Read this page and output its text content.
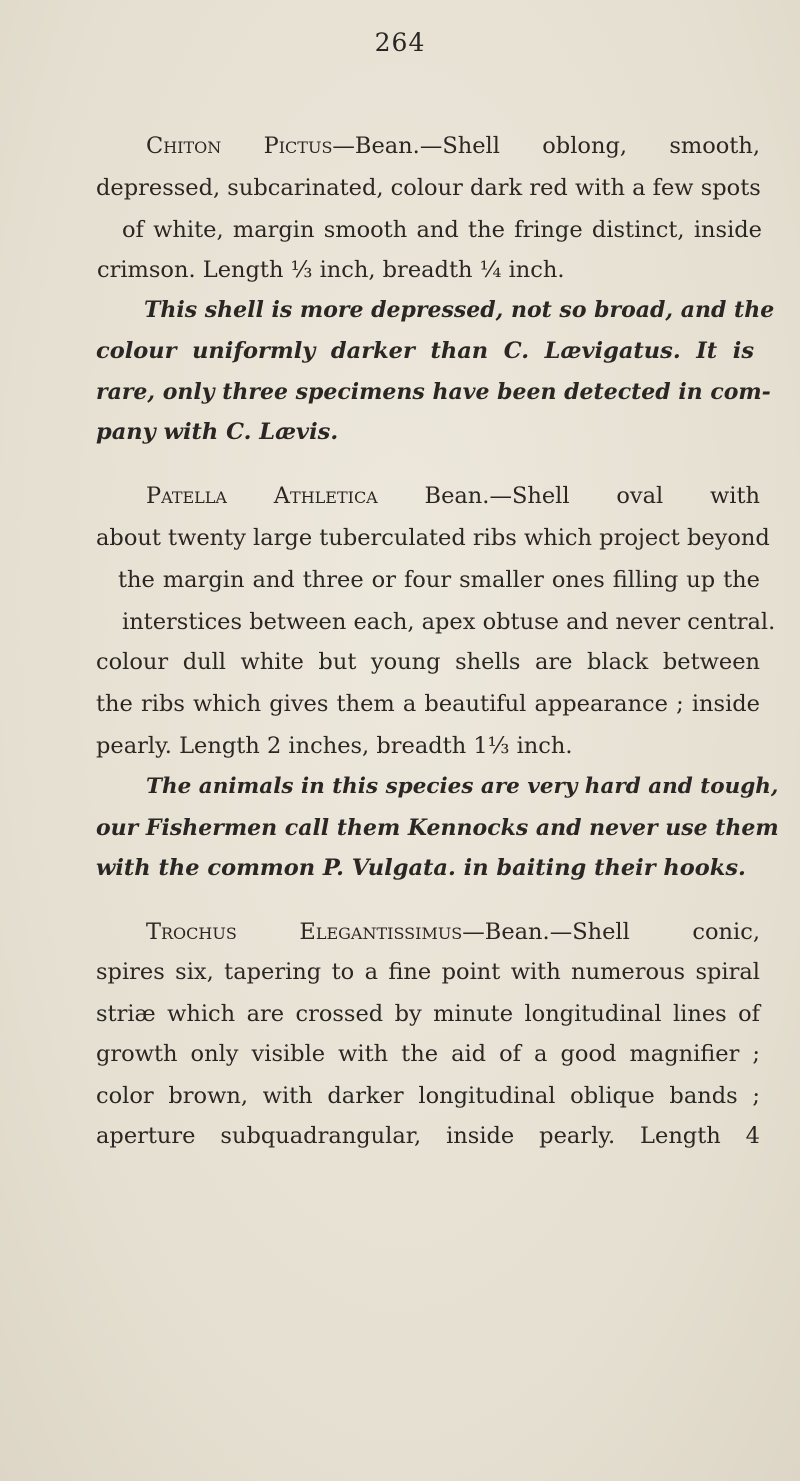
264
Chiton Pictus—Bean.—Shell oblong, smooth,
depressed, subcarinated, colour dark red with a few spots
of white, margin smooth and the fringe distinct, inside
crimson. Length ⅓ inch, breadth ¼ inch.
This shell is more depressed, not so broad, and the
colour uniformly darker than C. Lævigatus. It is
rare, only three specimens have been detected in com-
pany with C. Lævis.
Patella Athletica Bean.—Shell oval with
about twenty large tuberculated ribs which project beyond
the margin and three or four smaller ones filling up the
interstices between each, apex obtuse and never central.
colour dull white but young shells are black between
the ribs which gives them a beautiful appearance ; inside
pearly. Length 2 inches, breadth 1⅓ inch.
The animals in this species are very hard and tough,
our Fishermen call them Kennocks and never use them
with the common P. Vulgata. in baiting their hooks.
Trochus Elegantissimus—Bean.—Shell conic,
spires six, tapering to a fine point with numerous spiral
striæ which are crossed by minute longitudinal lines of
growth only visible with the aid of a good magnifier ;
color brown, with darker longitudinal oblique bands ;
aperture subquadrangular, inside pearly. Length 4
